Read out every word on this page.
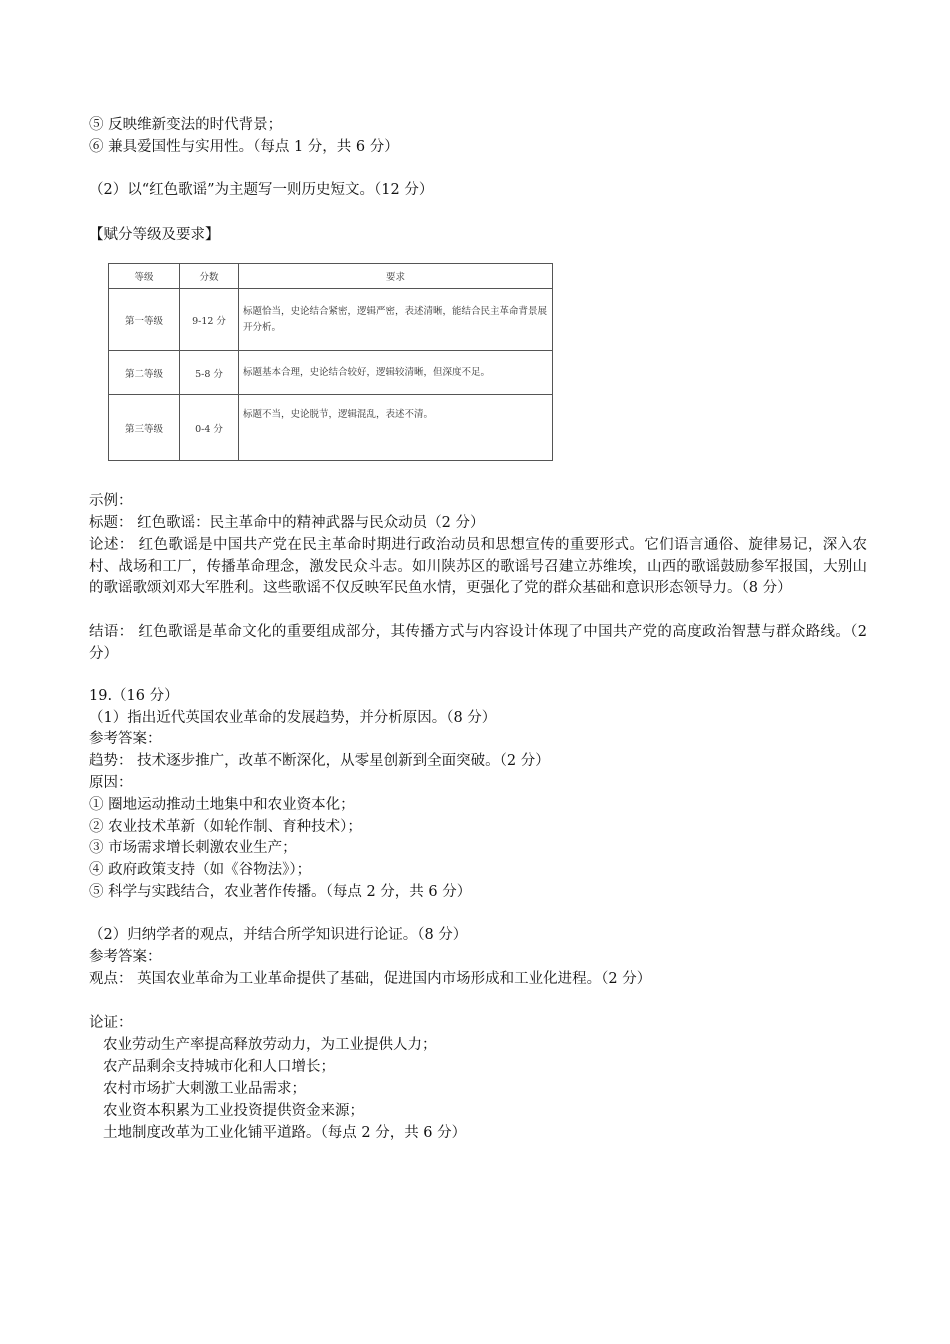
⑤ 反映维新变法的时代背景；
⑥ 兼具爱国性与实用性。（每点 1 分，共 6 分）
（2）以“红色歌谣”为主题写一则历史短文。（12 分）
【赋分等级及要求】
等级	分数	要求
第一等级	9-12 分	标题恰当，史论结合紧密，逻辑严密，表述清晰，能结合民主革命背景展开分析。
第二等级	5-8 分	标题基本合理，史论结合较好，逻辑较清晰，但深度不足。
第三等级	0-4 分	标题不当，史论脱节，逻辑混乱，表述不清。
示例：
标题： 红色歌谣：民主革命中的精神武器与民众动员（2 分）
论述： 红色歌谣是中国共产党在民主革命时期进行政治动员和思想宣传的重要形式。它们语言通俗、旋律易记，深入农村、战场和工厂，传播革命理念，激发民众斗志。如川陕苏区的歌谣号召建立苏维埃，山西的歌谣鼓励参军报国，大别山的歌谣歌颂刘邓大军胜利。这些歌谣不仅反映军民鱼水情，更强化了党的群众基础和意识形态领导力。（8 分）
结语： 红色歌谣是革命文化的重要组成部分，其传播方式与内容设计体现了中国共产党的高度政治智慧与群众路线。（2 分）
19.（16 分）
（1）指出近代英国农业革命的发展趋势，并分析原因。（8 分）
参考答案：
趋势： 技术逐步推广，改革不断深化，从零星创新到全面突破。（2 分）
原因：
① 圈地运动推动土地集中和农业资本化；
② 农业技术革新（如轮作制、育种技术）；
③ 市场需求增长刺激农业生产；
④ 政府政策支持（如《谷物法》）；
⑤ 科学与实践结合，农业著作传播。（每点 2 分，共 6 分）
（2）归纳学者的观点，并结合所学知识进行论证。（8 分）
参考答案：
观点： 英国农业革命为工业革命提供了基础，促进国内市场形成和工业化进程。（2 分）
论证：
农业劳动生产率提高释放劳动力，为工业提供人力；
农产品剩余支持城市化和人口增长；
农村市场扩大刺激工业品需求；
农业资本积累为工业投资提供资金来源；
土地制度改革为工业化铺平道路。（每点 2 分，共 6 分）
